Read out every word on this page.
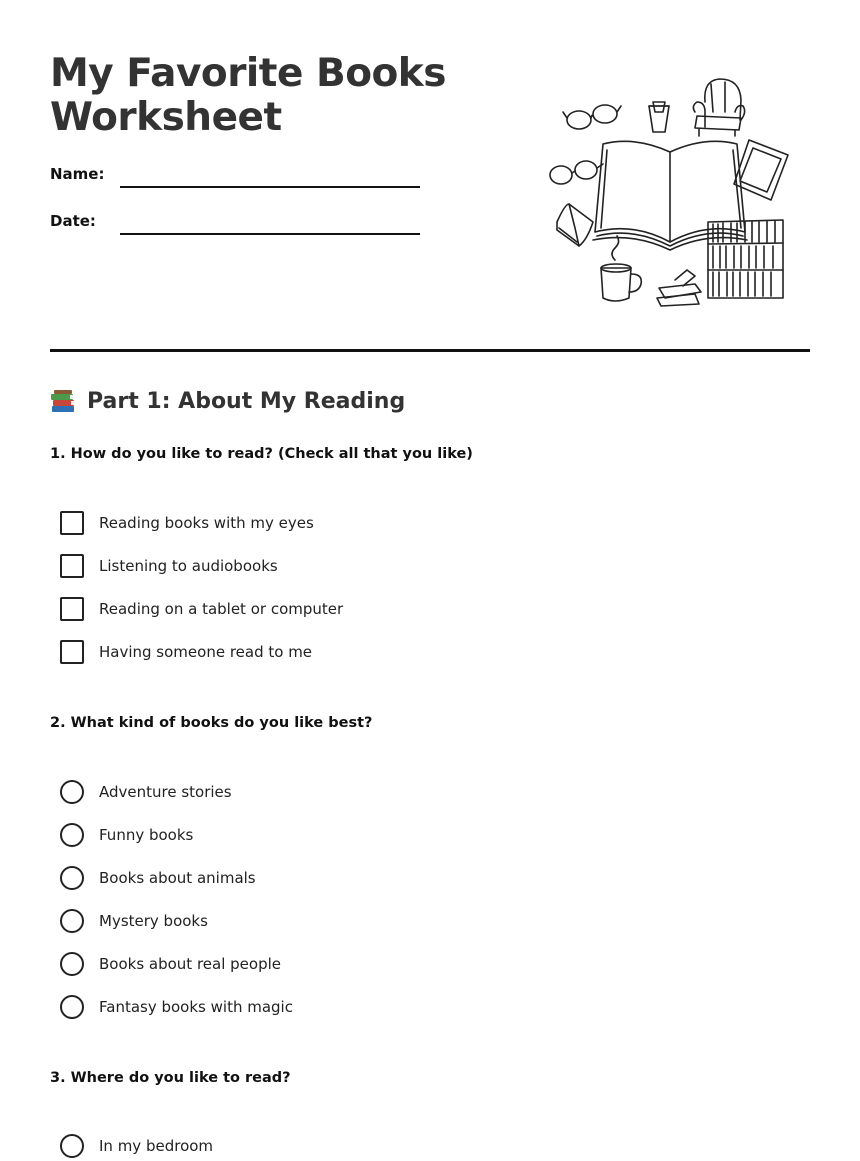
My Favorite Books
Worksheet
Name:
Date:
Part 1: About My Reading

1. How do you like to read? (Check all that you like)

Reading books with my eyes
Listening to audiobooks
Reading on a tablet or computer
Having someone read to me

2. What kind of books do you like best?

Adventure stories
Funny books
Books about animals
Mystery books
Books about real people
Fantasy books with magic

3. Where do you like to read?

In my bedroom
